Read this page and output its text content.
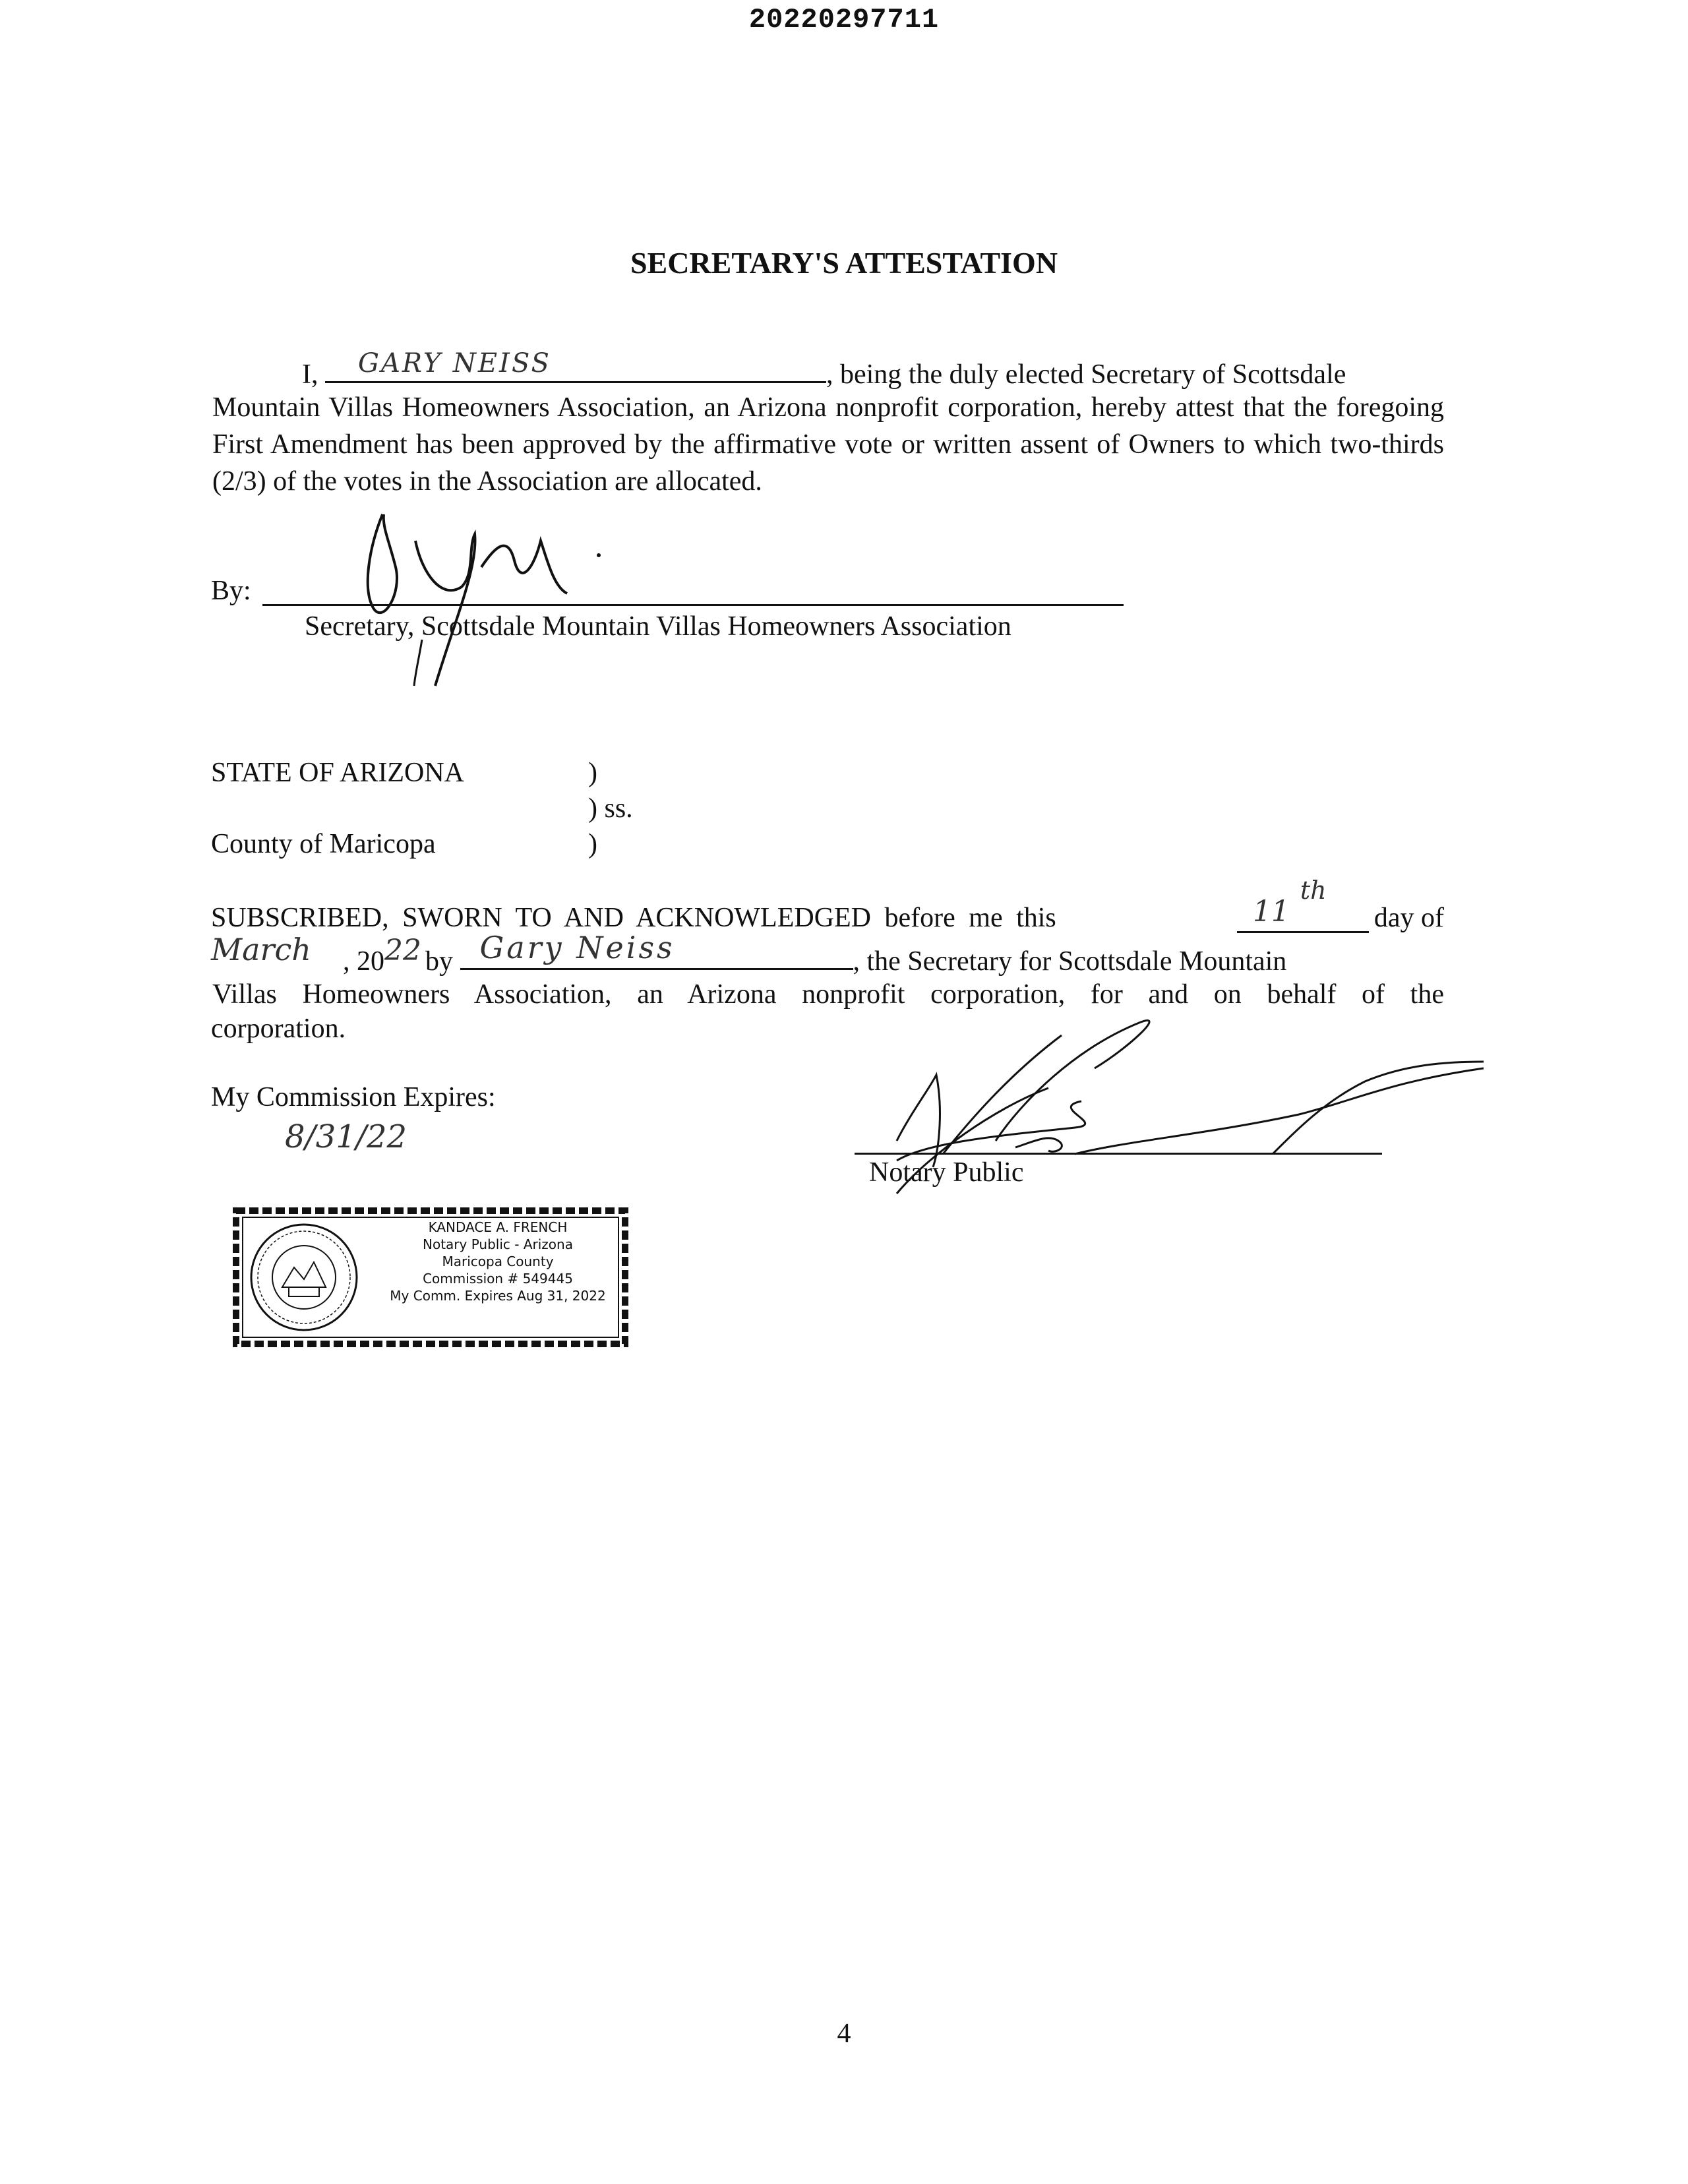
20220297711
SECRETARY'S ATTESTATION
I, GARY NEISS	, being the duly elected Secretary of Scottsdale
Mountain Villas Homeowners Association, an Arizona nonprofit corporation, hereby attest that the foregoing First Amendment has been approved by the affirmative vote or written assent of Owners to which two-thirds (2/3) of the votes in the Association are allocated.
By:
Secretary, Scottsdale Mountain Villas Homeowners Association
STATE OF ARIZONA	)
) ss.
County of Maricopa	)
SUBSCRIBED, SWORN TO AND ACKNOWLEDGED before me this	11
th
day of
March , 20 22 by Gary Neiss	, the Secretary for Scottsdale Mountain
Villas Homeowners Association, an Arizona nonprofit corporation, for and on behalf of the
corporation.
My Commission Expires:
8/31/22
Notary Public
KANDACE A. FRENCH
Notary Public - Arizona
Maricopa County
Commission # 549445
My Comm. Expires Aug 31, 2022
4
